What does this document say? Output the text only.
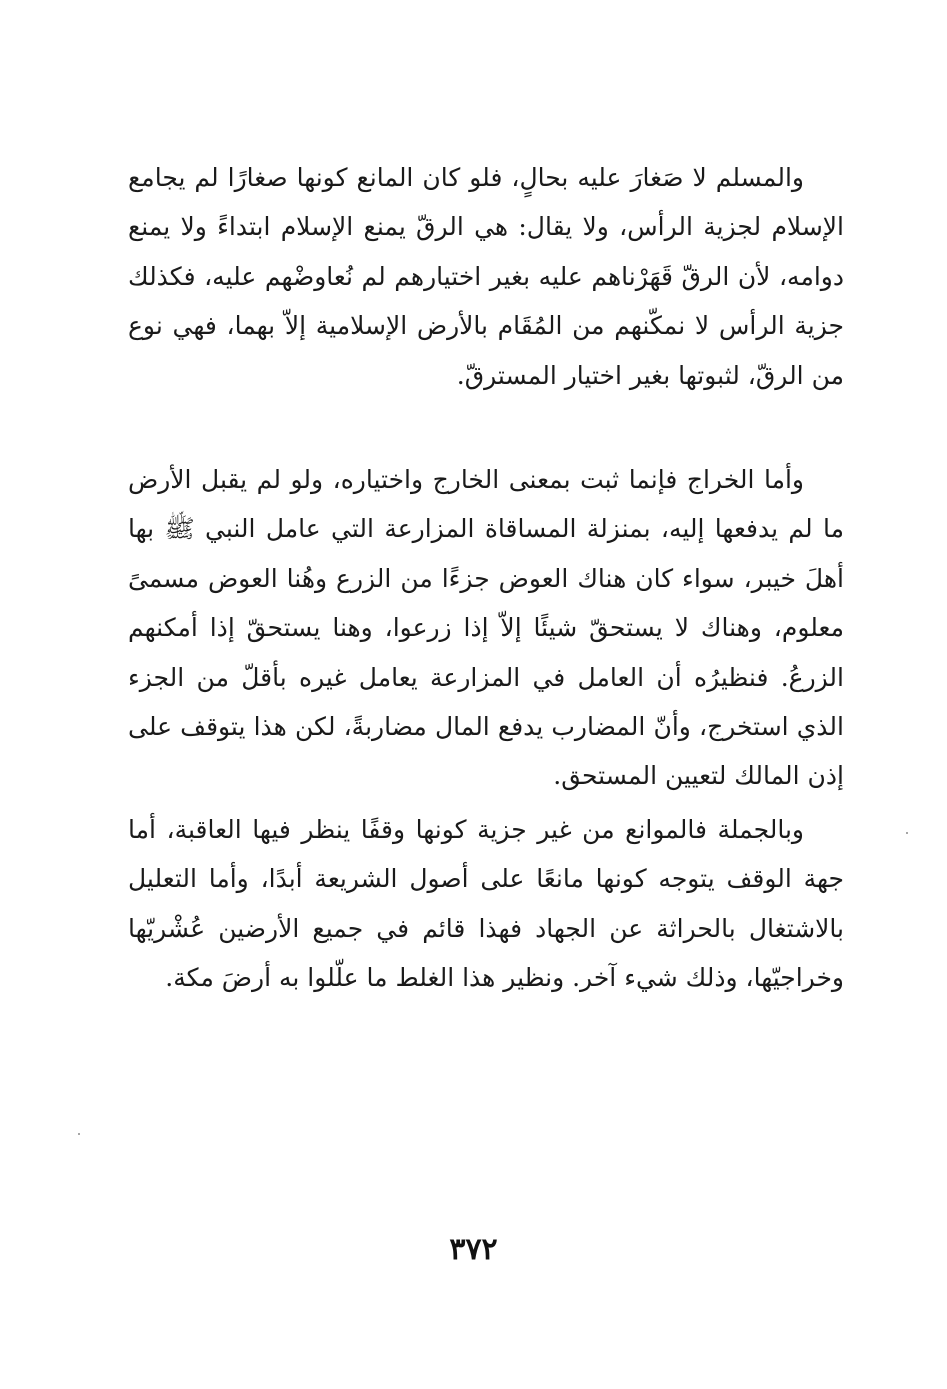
والمسلم لا صَغارَ عليه بحالٍ، فلو كان المانع كونها صغارًا لم يجامع الإسلام لجزية الرأس، ولا يقال: هي الرقّ يمنع الإسلام ابتداءً ولا يمنع دوامه، لأن الرقّ قَهَرْناهم عليه بغير اختيارهم لم نُعاوضْهم عليه، فكذلك جزية الرأس لا نمكّنهم من المُقَام بالأرض الإسلامية إلاّ بهما، فهي نوع من الرقّ، لثبوتها بغير اختيار المسترقّ.

وأما الخراج فإنما ثبت بمعنى الخارج واختياره، ولو لم يقبل الأرض ما لم يدفعها إليه، بمنزلة المساقاة المزارعة التي عامل النبي ﷺ بها أهلَ خيبر، سواء كان هناك العوض جزءًا من الزرع وهُنا العوض مسمىً معلوم، وهناك لا يستحقّ شيئًا إلاّ إذا زرعوا، وهنا يستحقّ إذا أمكنهم الزرعُ. فنظيرُه أن العامل في المزارعة يعامل غيره بأقلّ من الجزء الذي استخرج، وأنّ المضارب يدفع المال مضاربةً، لكن هذا يتوقف على إذن المالك لتعيين المستحق.

وبالجملة فالموانع من غير جزية كونها وقفًا ينظر فيها العاقبة، أما جهة الوقف يتوجه كونها مانعًا على أصول الشريعة أبدًا، وأما التعليل بالاشتغال بالحراثة عن الجهاد فهذا قائم في جميع الأرضين عُشْريّها وخراجيّها، وذلك شيء آخر. ونظير هذا الغلط ما علّلوا به أرضَ مكة.

٣٧٢
